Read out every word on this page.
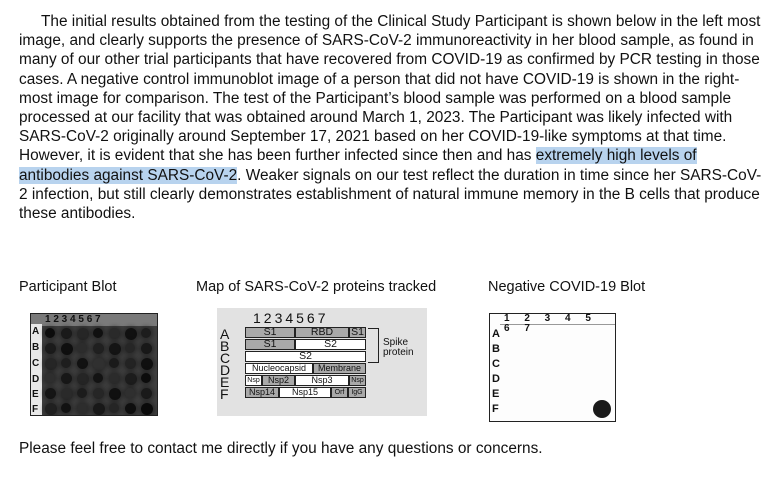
The initial results obtained from the testing of the Clinical Study Participant is shown below in the left most image, and clearly supports the presence of SARS-CoV-2 immunoreactivity in her blood sample, as found in many of our other trial participants that have recovered from COVID-19 as confirmed by PCR testing in those cases. A negative control immunoblot image of a person that did not have COVID-19 is shown in the right-most image for comparison. The test of the Participant’s blood sample was performed on a blood sample processed at our facility that was obtained around March 1, 2023. The Participant was likely infected with SARS-CoV-2 originally around September 17, 2021 based on her COVID-19-like symptoms at that time. However, it is evident that she has been further infected since then and has extremely high levels of antibodies against SARS-CoV-2. Weaker signals on our test reflect the duration in time since her SARS-CoV-2 infection, but still clearly demonstrates establishment of natural immune memory in the B cells that produce these antibodies.

Participant Blot	Map of SARS-CoV-2 proteins tracked	Negative COVID-19 Blot
1 2 3 4 5 6 7
A
B
C
D
E
F
1234567
A
B
C
D
E
F
S1	RBD	S1
S1	S2
S2
Nucleocapsid	Membrane
Nsp Nsp2	Nsp3	Nsp
Nsp14	Nsp15	Orf IgG
Spike
protein
1 2 3 4 5 6 7
A
B
C
D
E
F
Please feel free to contact me directly if you have any questions or concerns.
